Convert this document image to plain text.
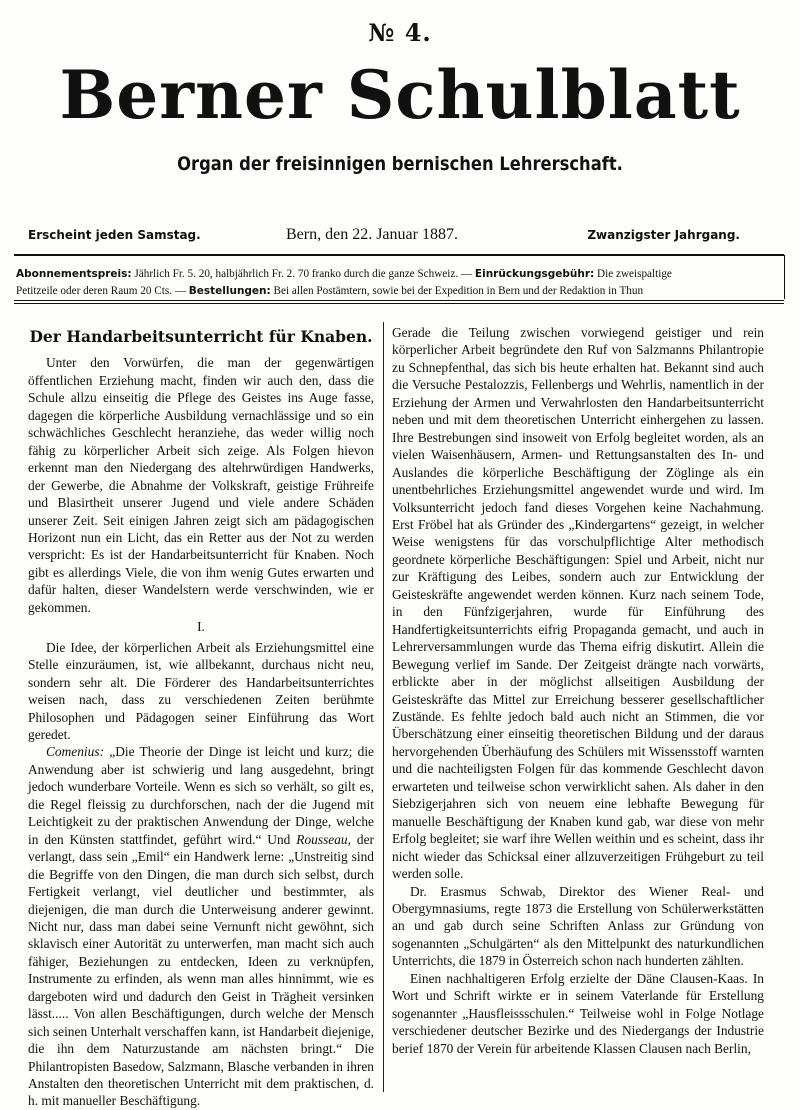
№ 4.
Berner Schulblatt
Organ der freisinnigen bernischen Lehrerschaft.
Erscheint jeden Samstag.	Bern, den 22. Januar 1887.	Zwanzigster Jahrgang.

Abonnementspreis: Jährlich Fr. 5. 20, halbjährlich Fr. 2. 70 franko durch die ganze Schweiz. — Einrückungsgebühr: Die zweispaltige

Petitzeile oder deren Raum 20 Cts. — Bestellungen: Bei allen Postämtern, sowie bei der Expedition in Bern und der Redaktion in Thun

Der Handarbeitsunterricht für Knaben.

Unter den Vorwürfen, die man der gegenwärtigen öffentlichen Erziehung macht, finden wir auch den, dass die Schule allzu einseitig die Pflege des Geistes ins Auge fasse, dagegen die körperliche Ausbildung vernachlässige und so ein schwächliches Geschlecht heranziehe, das weder willig noch fähig zu körperlicher Arbeit sich zeige. Als Folgen hievon erkennt man den Niedergang des altehrwürdigen Handwerks, der Gewerbe, die Abnahme der Volkskraft, geistige Frühreife und Blasirtheit unserer Jugend und viele andere Schäden unserer Zeit. Seit einigen Jahren zeigt sich am pädagogischen Horizont nun ein Licht, das ein Retter aus der Not zu werden verspricht: Es ist der Handarbeitsunterricht für Knaben. Noch gibt es allerdings Viele, die von ihm wenig Gutes erwarten und dafür halten, dieser Wandelstern werde verschwinden, wie er gekommen.

I.

Die Idee, der körperlichen Arbeit als Erziehungsmittel eine Stelle einzuräumen, ist, wie allbekannt, durchaus nicht neu, sondern sehr alt. Die Förderer des Handarbeitsunterrichtes weisen nach, dass zu verschiedenen Zeiten berühmte Philosophen und Pädagogen seiner Einführung das Wort geredet.

Comenius: „Die Theorie der Dinge ist leicht und kurz; die Anwendung aber ist schwierig und lang ausgedehnt, bringt jedoch wunderbare Vorteile. Wenn es sich so verhält, so gilt es, die Regel fleissig zu durchforschen, nach der die Jugend mit Leichtigkeit zu der praktischen Anwendung der Dinge, welche in den Künsten stattfindet, geführt wird.“ Und Rousseau, der verlangt, dass sein „Emil“ ein Handwerk lerne: „Unstreitig sind die Begriffe von den Dingen, die man durch sich selbst, durch Fertigkeit verlangt, viel deutlicher und bestimmter, als diejenigen, die man durch die Unterweisung anderer gewinnt. Nicht nur, dass man dabei seine Vernunft nicht gewöhnt, sich sklavisch einer Autorität zu unterwerfen, man macht sich auch fähiger, Beziehungen zu entdecken, Ideen zu verknüpfen, Instrumente zu erfinden, als wenn man alles hinnimmt, wie es dargeboten wird und dadurch den Geist in Trägheit versinken lässt..... Von allen Beschäftigungen, durch welche der Mensch sich seinen Unterhalt verschaffen kann, ist Handarbeit diejenige, die ihn dem Naturzustande am nächsten bringt.“ Die Philantropisten Basedow, Salzmann, Blasche verbanden in ihren Anstalten den theoretischen Unterricht mit dem praktischen, d. h. mit manueller Beschäftigung.

Gerade die Teilung zwischen vorwiegend geistiger und rein körperlicher Arbeit begründete den Ruf von Salzmanns Philantropie zu Schnepfenthal, das sich bis heute erhalten hat. Bekannt sind auch die Versuche Pestalozzis, Fellenbergs und Wehrlis, namentlich in der Erziehung der Armen und Verwahrlosten den Handarbeitsunterricht neben und mit dem theoretischen Unterricht einhergehen zu lassen. Ihre Bestrebungen sind insoweit von Erfolg begleitet worden, als an vielen Waisenhäusern, Armen- und Rettungsanstalten des In- und Auslandes die körperliche Beschäftigung der Zöglinge als ein unentbehrliches Erziehungsmittel angewendet wurde und wird. Im Volksunterricht jedoch fand dieses Vorgehen keine Nachahmung. Erst Fröbel hat als Gründer des „Kindergartens“ gezeigt, in welcher Weise wenigstens für das vorschulpflichtige Alter methodisch geordnete körperliche Beschäftigungen: Spiel und Arbeit, nicht nur zur Kräftigung des Leibes, sondern auch zur Entwicklung der Geisteskräfte angewendet werden können. Kurz nach seinem Tode, in den Fünfzigerjahren, wurde für Einführung des Handfertigkeitsunterrichts eifrig Propaganda gemacht, und auch in Lehrerversammlungen wurde das Thema eifrig diskutirt. Allein die Bewegung verlief im Sande. Der Zeitgeist drängte nach vorwärts, erblickte aber in der möglichst allseitigen Ausbildung der Geisteskräfte das Mittel zur Erreichung besserer gesellschaftlicher Zustände. Es fehlte jedoch bald auch nicht an Stimmen, die vor Überschätzung einer einseitig theoretischen Bildung und der daraus hervorgehenden Überhäufung des Schülers mit Wissensstoff warnten und die nachteiligsten Folgen für das kommende Geschlecht davon erwarteten und teilweise schon verwirklicht sahen. Als daher in den Siebzigerjahren sich von neuem eine lebhafte Bewegung für manuelle Beschäftigung der Knaben kund gab, war diese von mehr Erfolg begleitet; sie warf ihre Wellen weithin und es scheint, dass ihr nicht wieder das Schicksal einer allzuverzeitigen Frühgeburt zu teil werden solle.

Dr. Erasmus Schwab, Direktor des Wiener Real- und Obergymnasiums, regte 1873 die Erstellung von Schülerwerkstätten an und gab durch seine Schriften Anlass zur Gründung von sogenannten „Schulgärten“ als den Mittelpunkt des naturkundlichen Unterrichts, die 1879 in Österreich schon nach hunderten zählten.

Einen nachhaltigeren Erfolg erzielte der Däne Clausen-Kaas. In Wort und Schrift wirkte er in seinem Vaterlande für Erstellung sogenannter „Hausfleissschulen.“ Teilweise wohl in Folge Notlage verschiedener deutscher Bezirke und des Niedergangs der Industrie berief 1870 der Verein für arbeitende Klassen Clausen nach Berlin,
